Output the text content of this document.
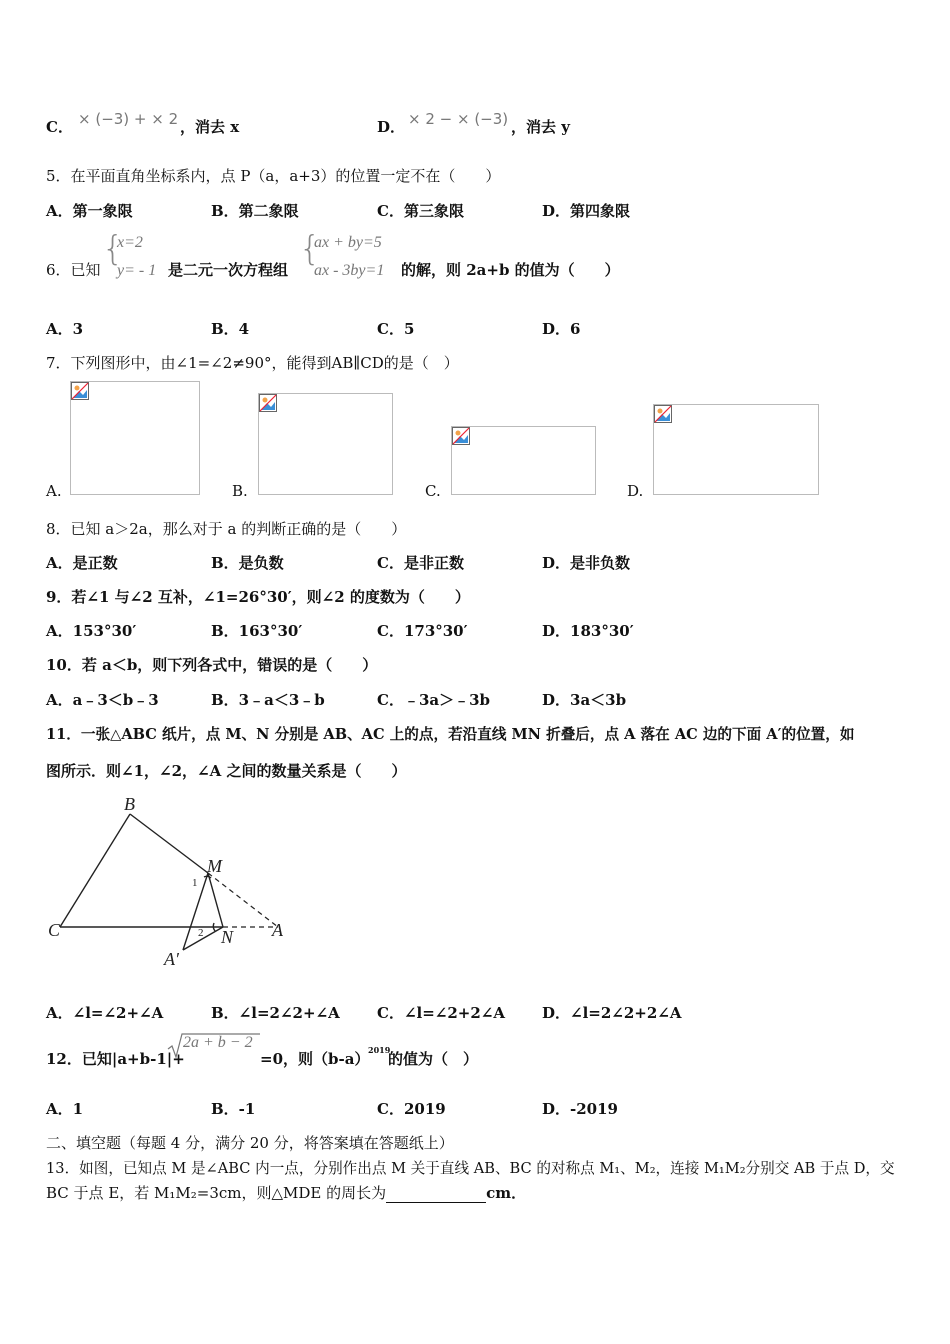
C． × (−3) + × 2 ，消去 x	D． × 2 − × (−3) ，消去 y
5．在平面直角坐标系内，点 P（a，a+3）的位置一定不在（　　）
A．第一象限	B．第二象限	C．第三象限	D．第四象限
6．已知
{
x=2
y= - 1 是二元一次方程组
{
ax + by=5
ax - 3by=1 的解，则 2a+b 的值为（　　）
A．3	B．4	C．5	D．6
7．下列图形中，由∠1=∠2≠90°，能得到AB∥CD的是（　）
A.	B.	C.	D.
8．已知 a＞2a，那么对于 a 的判断正确的是（　　）
A．是正数	B．是负数	C．是非正数	D．是非负数
9．若∠1 与∠2 互补，∠1=26°30′，则∠2 的度数为（　　）
A．153°30′	B．163°30′	C．173°30′	D．183°30′
10．若 a＜b，则下列各式中，错误的是（　　）
A．a﹣3＜b﹣3	B．3﹣a＜3﹣b	C．﹣3a＞﹣3b	D．3a＜3b
11．一张△ABC 纸片，点 M、N 分别是 AB、AC 上的点，若沿直线 MN 折叠后，点 A 落在 AC 边的下面 A′的位置，如
图所示．则∠1，∠2，∠A 之间的数量关系是（　　）
B
M
C	N A
A′
1
2
A．∠l=∠2+∠A	B．∠l=2∠2+∠A C．∠l=∠2+2∠A D．∠l=2∠2+2∠A
12．已知|a+b-1|+
2a + b − 2
=0，则（b-a）
2019
的值为（　）
A．1	B．-1	C．2019	D．-2019
二、填空题（每题 4 分，满分 20 分，将答案填在答题纸上）
13．如图，已知点 M 是∠ABC 内一点，分别作出点 M 关于直线 AB、BC 的对称点 M₁、M₂，连接 M₁M₂分别交 AB 于点 D，交
BC 于点 E，若 M₁M₂=3cm，则△MDE 的周长为	cm．
